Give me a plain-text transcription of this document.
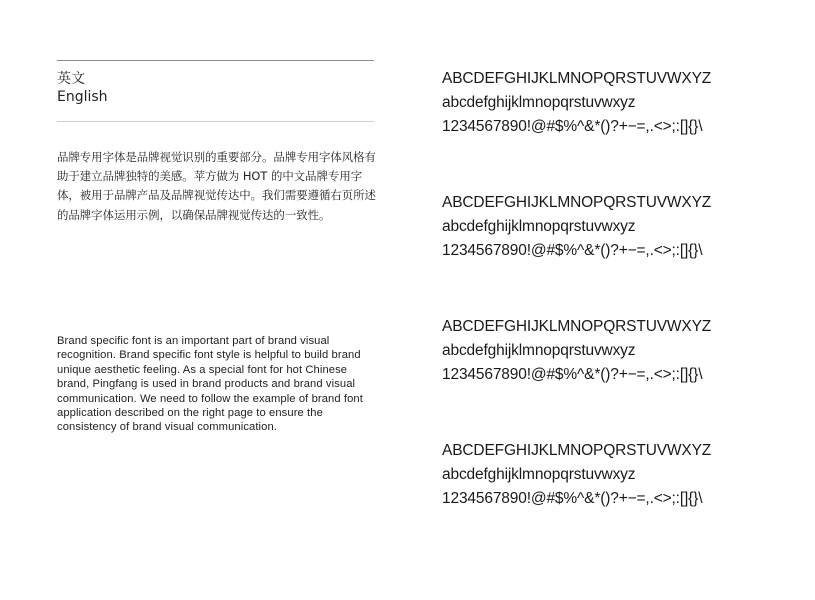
英文
English
品牌专用字体是品牌视觉识别的重要部分。品牌专用字体风格有助于建立品牌独特的美感。苹方做为 HOT 的中文品牌专用字体，被用于品牌产品及品牌视觉传达中。我们需要遵循右页所述的品牌字体运用示例，以确保品牌视觉传达的一致性。
Brand specific font is an important part of brand visual recognition. Brand specific font style is helpful to build brand unique aesthetic feeling. As a special font for hot Chinese brand, Pingfang is used in brand products and brand visual communication. We need to follow the example of brand font application described on the right page to ensure the consistency of brand visual communication.
ABCDEFGHIJKLMNOPQRSTUVWXYZ
abcdefghijklmnopqrstuvwxyz
1234567890!@#$%^&*()?+−=,.<>;:[]{}\
ABCDEFGHIJKLMNOPQRSTUVWXYZ
abcdefghijklmnopqrstuvwxyz
1234567890!@#$%^&*()?+−=,.<>;:[]{}\
ABCDEFGHIJKLMNOPQRSTUVWXYZ
abcdefghijklmnopqrstuvwxyz
1234567890!@#$%^&*()?+−=,.<>;:[]{}\
ABCDEFGHIJKLMNOPQRSTUVWXYZ
abcdefghijklmnopqrstuvwxyz
1234567890!@#$%^&*()?+−=,.<>;:[]{}\
